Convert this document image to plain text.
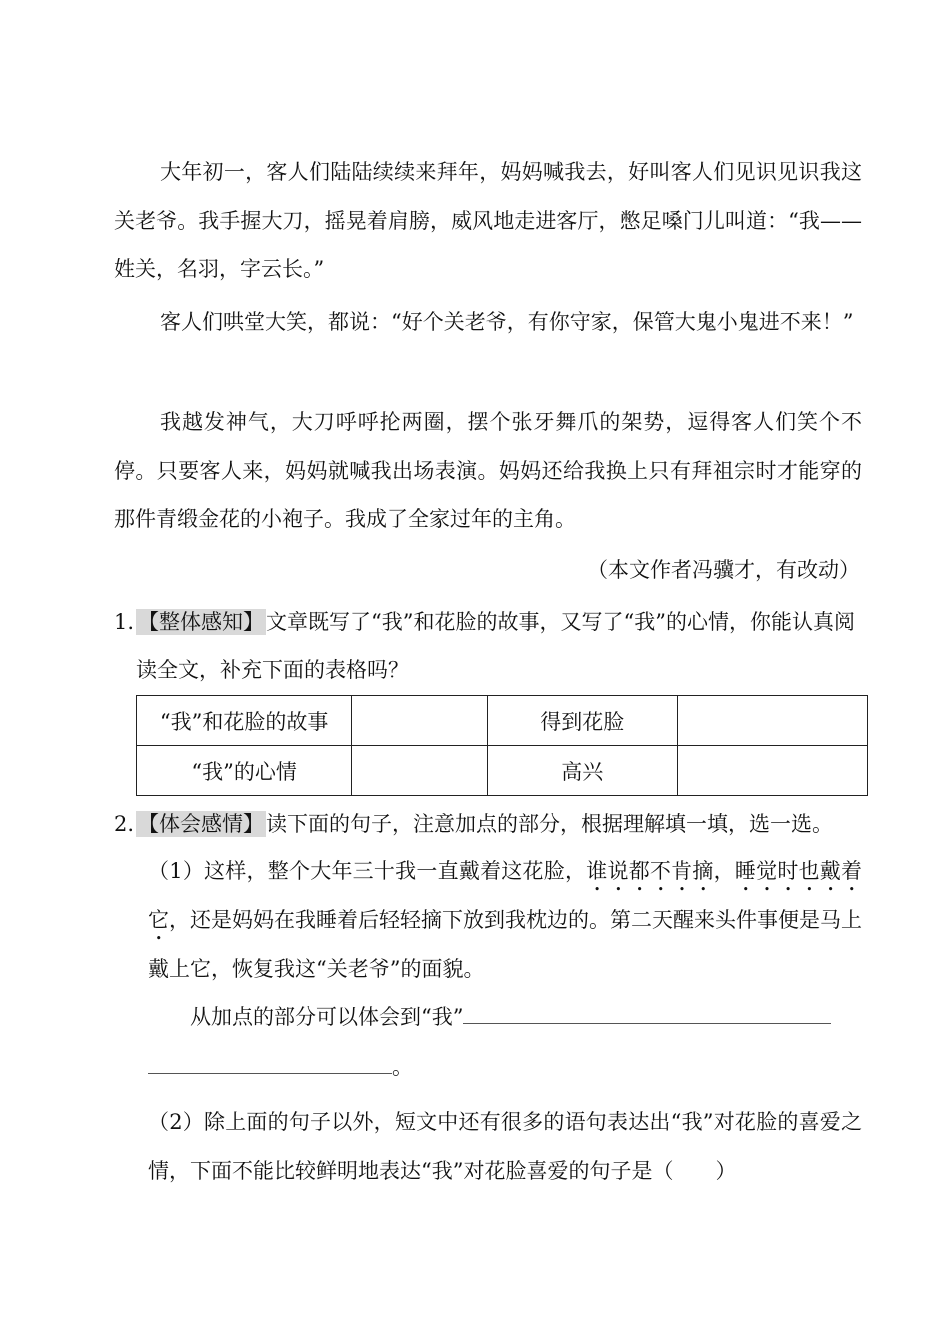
大年初一，客人们陆陆续续来拜年，妈妈喊我去，好叫客人们见识见识我这关老爷。我手握大刀，摇晃着肩膀，威风地走进客厅，憋足嗓门儿叫道：“我——姓关，名羽，字云长。”

客人们哄堂大笑，都说：“好个关老爷，有你守家，保管大鬼小鬼进不来！”

我越发神气，大刀呼呼抡两圈，摆个张牙舞爪的架势，逗得客人们笑个不停。只要客人来，妈妈就喊我出场表演。妈妈还给我换上只有拜祖宗时才能穿的那件青缎金花的小袍子。我成了全家过年的主角。

（本文作者冯骥才，有改动）

1. 【整体感知】文章既写了“我”和花脸的故事，又写了“我”的心情，你能认真阅读全文，补充下面的表格吗？
“我”和花脸的故事		得到花脸	
“我”的心情		高兴	
2. 【体会感情】读下面的句子，注意加点的部分，根据理解填一填，选一选。

（1）这样，整个大年三十我一直戴着这花脸，谁说都不肯摘，睡觉时也戴着它，还是妈妈在我睡着后轻轻摘下放到我枕边的。第二天醒来头件事便是马上戴上它，恢复我这“关老爷”的面貌。

从加点的部分可以体会到“我”

。

（2）除上面的句子以外，短文中还有很多的语句表达出“我”对花脸的喜爱之情，下面不能比较鲜明地表达“我”对花脸喜爱的句子是（　　）
